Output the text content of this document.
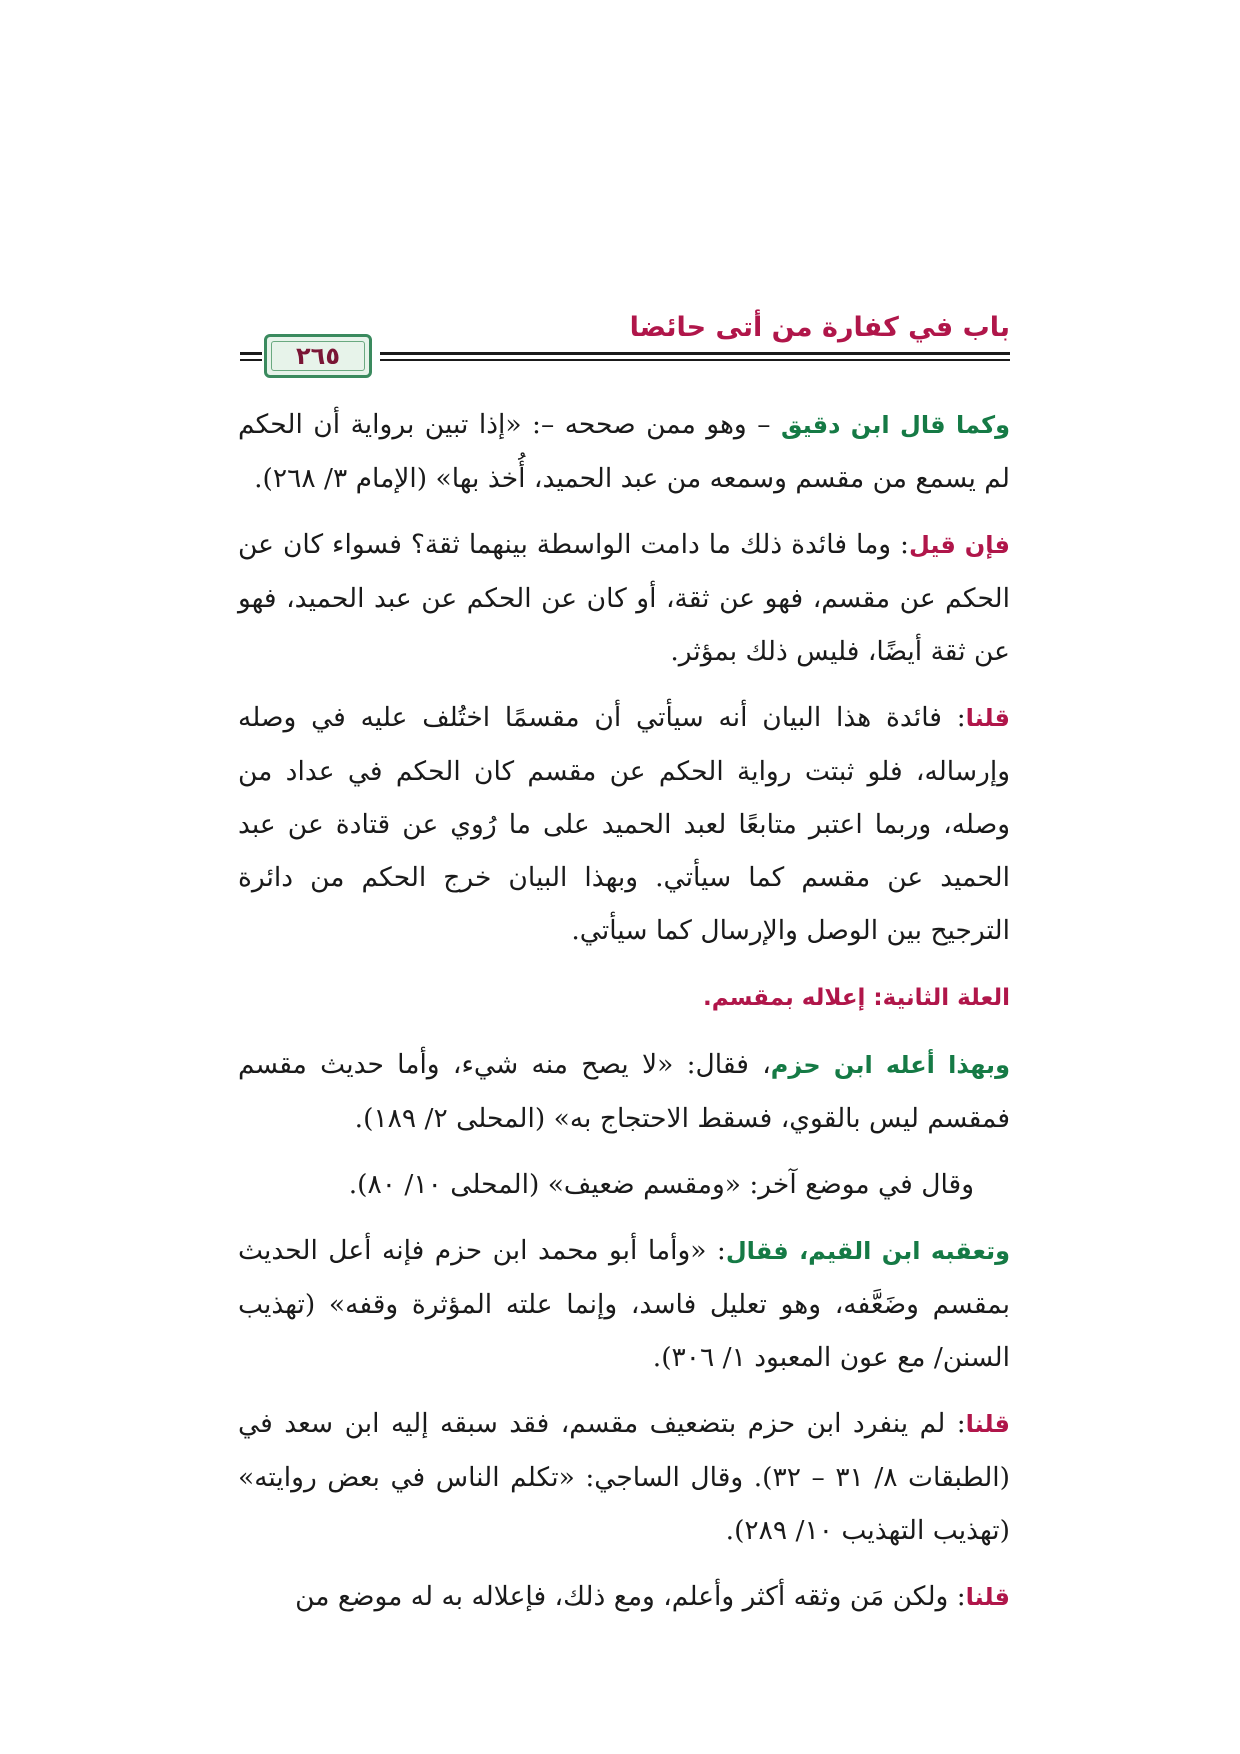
باب في كفارة من أتى حائضا
٢٦٥

وكما قال ابن دقيق – وهو ممن صححه –: «إذا تبين برواية أن الحكم لم يسمع من مقسم وسمعه من عبد الحميد، أُخذ بها» (الإمام ٣/ ٢٦٨).

فإن قيل: وما فائدة ذلك ما دامت الواسطة بينهما ثقة؟ فسواء كان عن الحكم عن مقسم، فهو عن ثقة، أو كان عن الحكم عن عبد الحميد، فهو عن ثقة أيضًا، فليس ذلك بمؤثر.

قلنا: فائدة هذا البيان أنه سيأتي أن مقسمًا اختُلف عليه في وصله وإرساله، فلو ثبتت رواية الحكم عن مقسم كان الحكم في عداد من وصله، وربما اعتبر متابعًا لعبد الحميد على ما رُوي عن قتادة عن عبد الحميد عن مقسم كما سيأتي. وبهذا البيان خرج الحكم من دائرة الترجيح بين الوصل والإرسال كما سيأتي.

العلة الثانية: إعلاله بمقسم.

وبهذا أعله ابن حزم، فقال: «لا يصح منه شيء، وأما حديث مقسم فمقسم ليس بالقوي، فسقط الاحتجاج به» (المحلى ٢/ ١٨٩).

وقال في موضع آخر: «ومقسم ضعيف» (المحلى ١٠/ ٨٠).

وتعقبه ابن القيم، فقال: «وأما أبو محمد ابن حزم فإنه أعل الحديث بمقسم وضَعَّفه، وهو تعليل فاسد، وإنما علته المؤثرة وقفه» (تهذيب السنن/ مع عون المعبود ١/ ٣٠٦).

قلنا: لم ينفرد ابن حزم بتضعيف مقسم، فقد سبقه إليه ابن سعد في (الطبقات ٨/ ٣١ – ٣٢). وقال الساجي: «تكلم الناس في بعض روايته» (تهذيب التهذيب ١٠/ ٢٨٩).

قلنا: ولكن مَن وثقه أكثر وأعلم، ومع ذلك، فإعلاله به له موضع من
